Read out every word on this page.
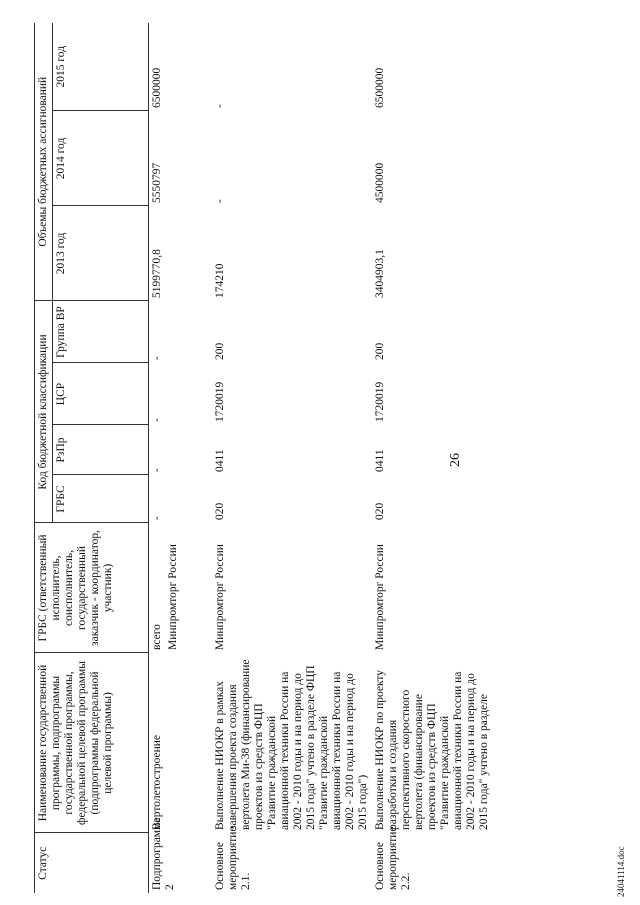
26
24041114.doc
Статус	Наименование государственной программы, подпрограммы государственной программы, федеральной целевой программы (подпрограммы федеральной целевой программы)	ГРБС (ответственный исполнитель, соисполнитель, государственный заказчик - координатор, участник)	Код бюджетной классификации				Объемы бюджетных ассигнований		
			ГРБС	РзПр	ЦСР	Группа ВР	2013 год	2014 год	2015 год
Подпрограмма 2	Вертолетостроение	всего Минпромторг России	-	-	-	-	5199770,8	5550797	6500000
Основное мероприятие 2.1.	Выполнение НИОКР в рамках завершения проекта создания вертолета Ми-38 (финансирование проектов из средств ФЦП "Развитие гражданской авиационной техники России на 2002 - 2010 годы и на период до 2015 года" учтено в разделе ФЦП "Развитие гражданской авиационной техники России на 2002 - 2010 годы и на период до 2015 года")	Минпромторг России	020	0411	1720019	200	174210	-	-
Основное мероприятие 2.2.	Выполнение НИОКР по проекту разработки и создания перспективного скоростного вертолета (финансирование проектов из средств ФЦП "Развитие гражданской авиационной техники России на 2002 - 2010 годы и на период до 2015 года" учтено в разделе	Минпромторг России	020	0411	1720019	200	3404903,1	4500000	6500000
